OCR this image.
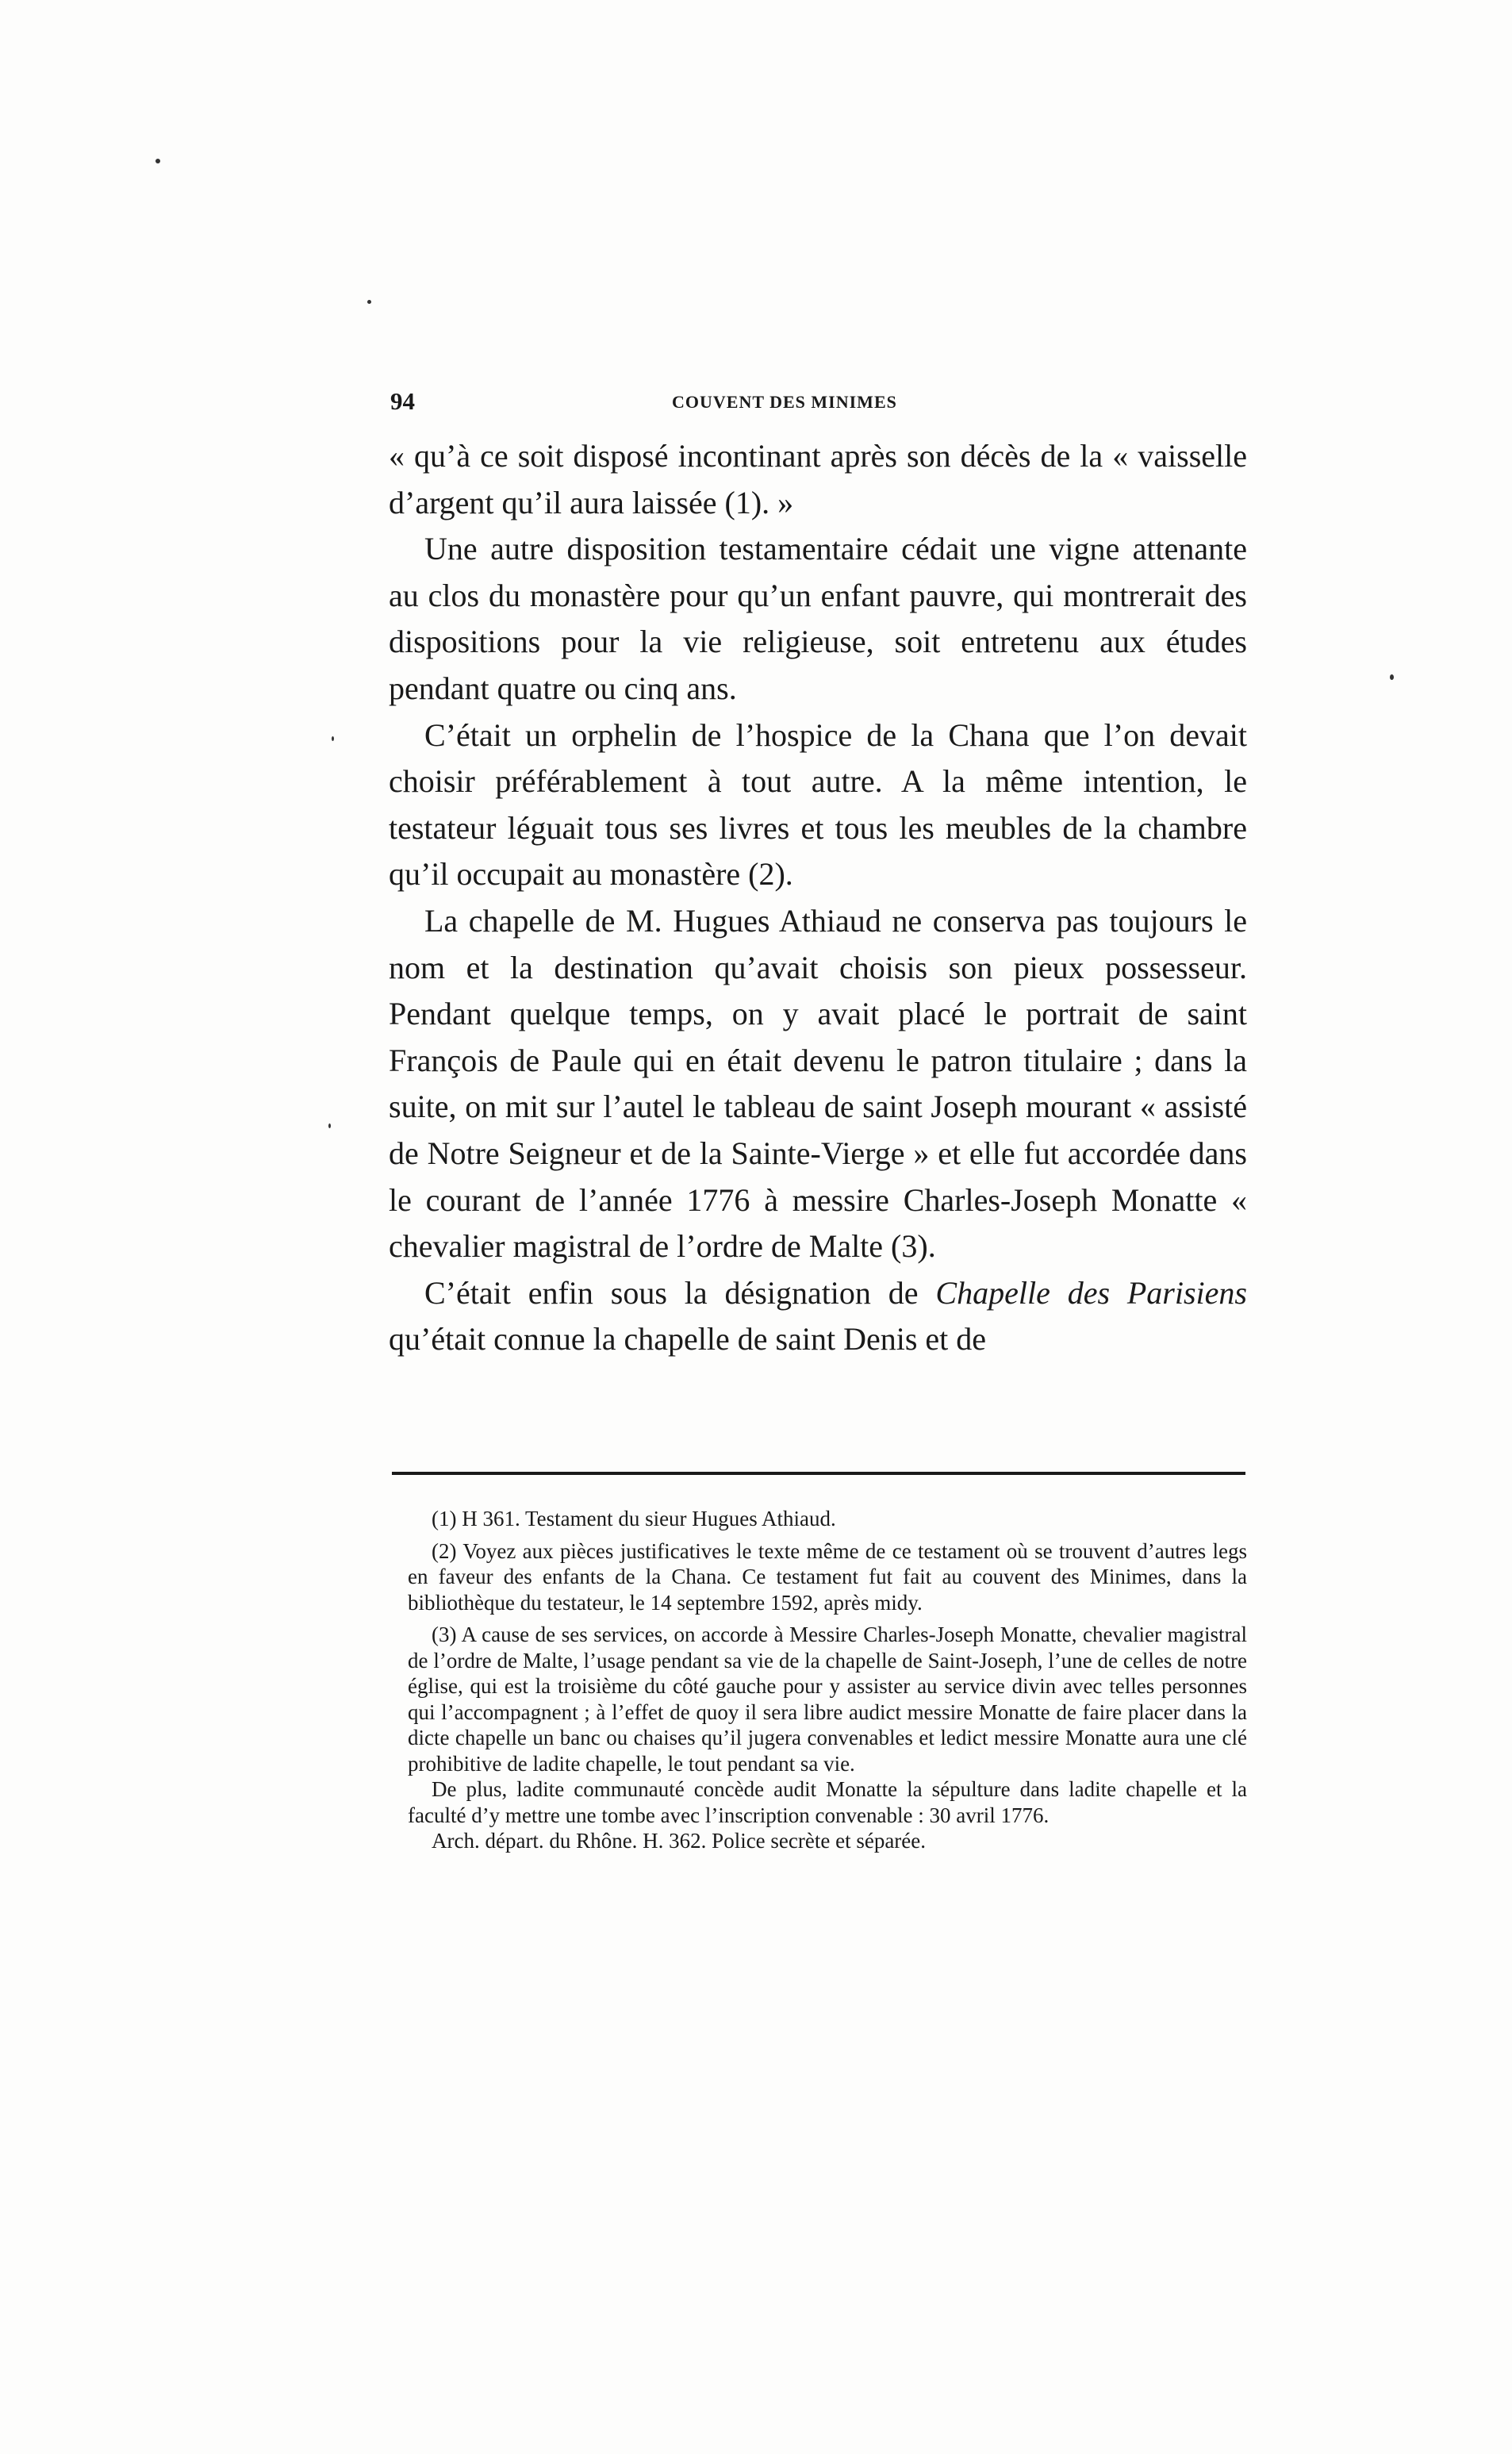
94	COUVENT DES MINIMES

« qu’à ce soit disposé incontinant après son décès de la « vaisselle d’argent qu’il aura laissée (1). »

Une autre disposition testamentaire cédait une vigne attenante au clos du monastère pour qu’un enfant pauvre, qui montrerait des dispositions pour la vie religieuse, soit entretenu aux études pendant quatre ou cinq ans.

C’était un orphelin de l’hospice de la Chana que l’on devait choisir préférablement à tout autre. A la même intention, le testateur léguait tous ses livres et tous les meubles de la chambre qu’il occupait au monastère (2).

La chapelle de M. Hugues Athiaud ne conserva pas toujours le nom et la destination qu’avait choisis son pieux possesseur. Pendant quelque temps, on y avait placé le portrait de saint François de Paule qui en était devenu le patron titulaire ; dans la suite, on mit sur l’autel le tableau de saint Joseph mourant « assisté de Notre Seigneur et de la Sainte-Vierge » et elle fut accordée dans le courant de l’année 1776 à messire Charles-Joseph Monatte « chevalier magistral de l’ordre de Malte (3).

C’était enfin sous la désignation de Chapelle des Parisiens qu’était connue la chapelle de saint Denis et de

(1) H 361. Testament du sieur Hugues Athiaud.

(2) Voyez aux pièces justificatives le texte même de ce testament où se trouvent d’autres legs en faveur des enfants de la Chana. Ce testament fut fait au couvent des Minimes, dans la bibliothèque du testateur, le 14 septembre 1592, après midy.

(3) A cause de ses services, on accorde à Messire Charles-Joseph Monatte, chevalier magistral de l’ordre de Malte, l’usage pendant sa vie de la chapelle de Saint-Joseph, l’une de celles de notre église, qui est la troisième du côté gauche pour y assister au service divin avec telles personnes qui l’accompagnent ; à l’effet de quoy il sera libre audict messire Monatte de faire placer dans la dicte chapelle un banc ou chaises qu’il jugera convenables et ledict messire Monatte aura une clé prohibitive de ladite chapelle, le tout pendant sa vie.

De plus, ladite communauté concède audit Monatte la sépulture dans ladite chapelle et la faculté d’y mettre une tombe avec l’inscription convenable : 30 avril 1776.

Arch. départ. du Rhône. H. 362. Police secrète et séparée.
